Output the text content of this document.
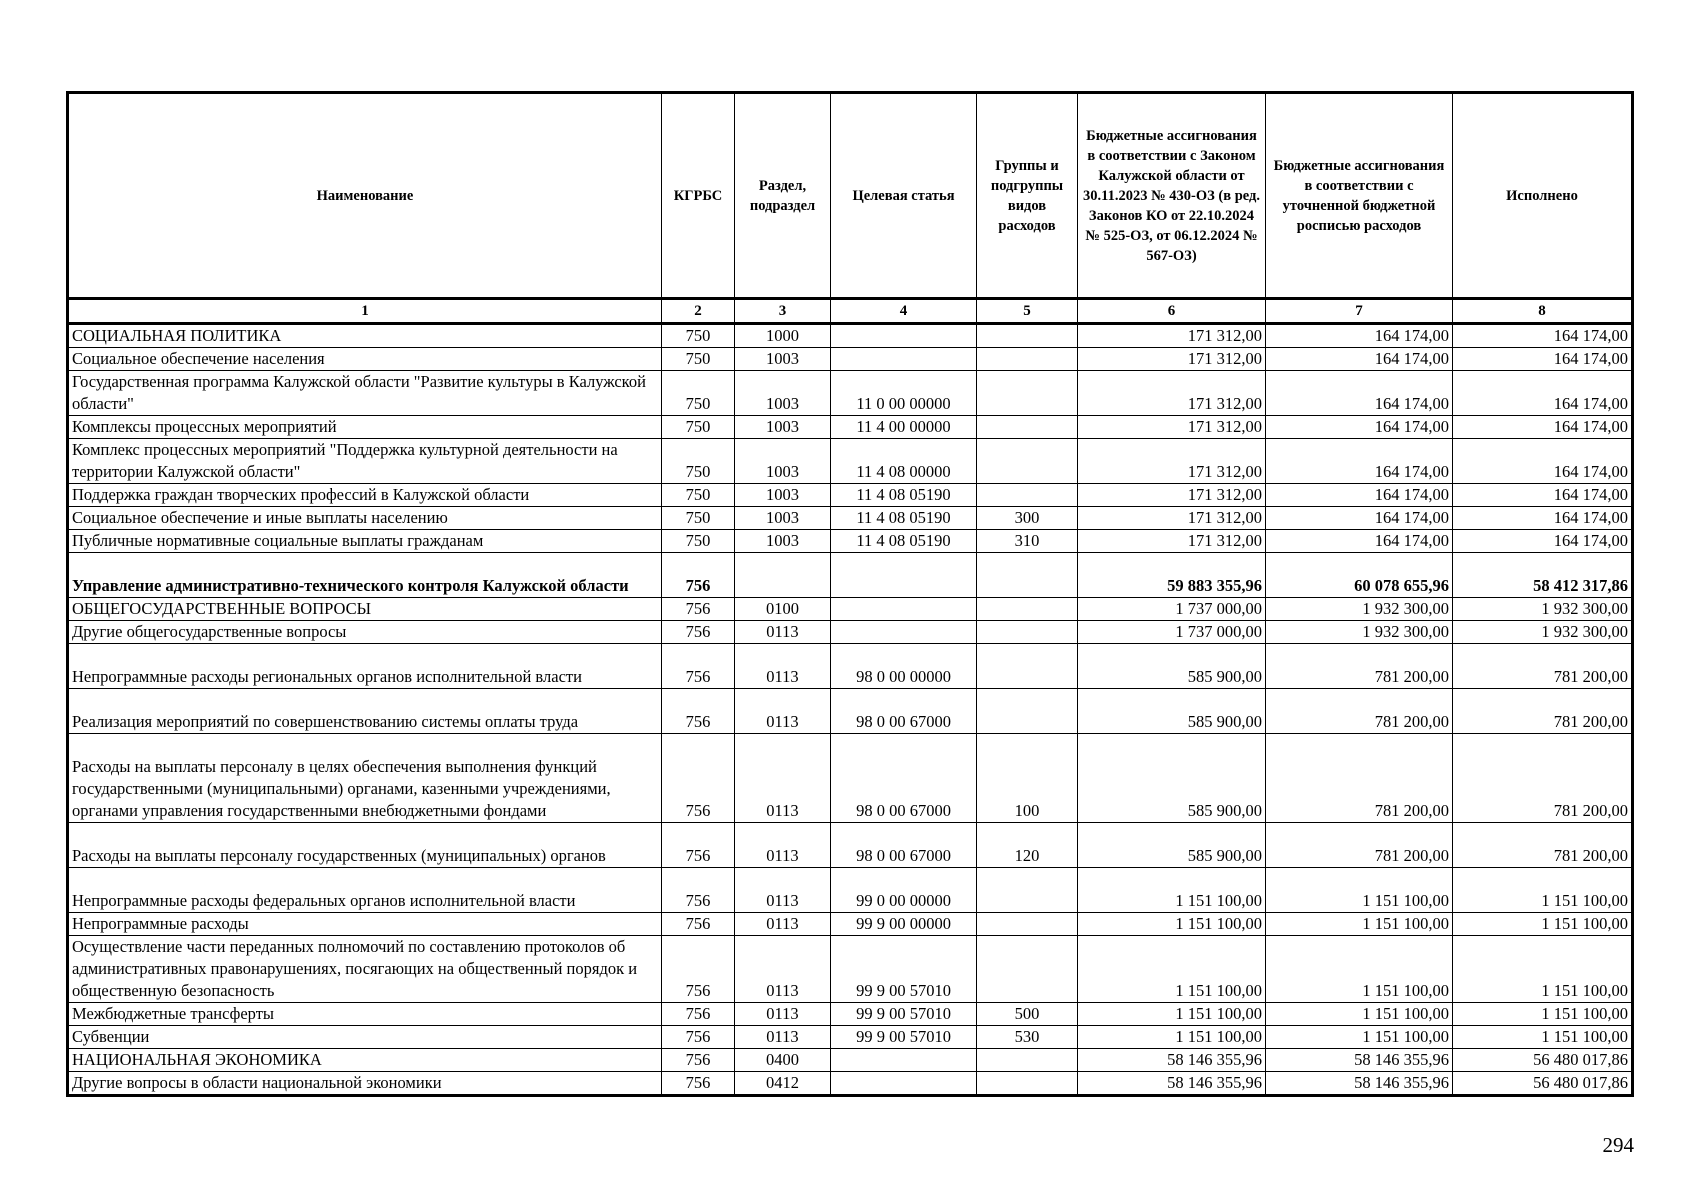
Наименование	КГРБС	Раздел, подраздел	Целевая статья	Группы и подгруппы видов расходов	Бюджетные ассигнования в соответствии с Законом Калужской области от 30.11.2023 № 430-ОЗ (в ред. Законов КО от 22.10.2024 № 525-ОЗ, от 06.12.2024 № 567-ОЗ)	Бюджетные ассигнования в соответствии с уточненной бюджетной росписью расходов	Исполнено
1	2	3	4	5	6	7	8
СОЦИАЛЬНАЯ ПОЛИТИКА	750	1000			171 312,00	164 174,00	164 174,00
Социальное обеспечение населения	750	1003			171 312,00	164 174,00	164 174,00
Государственная программа Калужской области "Развитие культуры в Калужской области"	750	1003	11 0 00 00000		171 312,00	164 174,00	164 174,00
Комплексы процессных мероприятий	750	1003	11 4 00 00000		171 312,00	164 174,00	164 174,00
Комплекс процессных мероприятий "Поддержка культурной деятельности на территории Калужской области"	750	1003	11 4 08 00000		171 312,00	164 174,00	164 174,00
Поддержка граждан творческих профессий в Калужской области	750	1003	11 4 08 05190		171 312,00	164 174,00	164 174,00
Социальное обеспечение и иные выплаты населению	750	1003	11 4 08 05190	300	171 312,00	164 174,00	164 174,00
Публичные нормативные социальные выплаты гражданам	750	1003	11 4 08 05190	310	171 312,00	164 174,00	164 174,00
Управление административно-технического контроля Калужской области	756				59 883 355,96	60 078 655,96	58 412 317,86
ОБЩЕГОСУДАРСТВЕННЫЕ ВОПРОСЫ	756	0100			1 737 000,00	1 932 300,00	1 932 300,00
Другие общегосударственные вопросы	756	0113			1 737 000,00	1 932 300,00	1 932 300,00
Непрограммные расходы региональных органов исполнительной власти	756	0113	98 0 00 00000		585 900,00	781 200,00	781 200,00
Реализация мероприятий по совершенствованию системы оплаты труда	756	0113	98 0 00 67000		585 900,00	781 200,00	781 200,00
Расходы на выплаты персоналу в целях обеспечения выполнения функций государственными (муниципальными) органами, казенными учреждениями, органами управления государственными внебюджетными фондами	756	0113	98 0 00 67000	100	585 900,00	781 200,00	781 200,00
Расходы на выплаты персоналу государственных (муниципальных) органов	756	0113	98 0 00 67000	120	585 900,00	781 200,00	781 200,00
Непрограммные расходы федеральных органов исполнительной власти	756	0113	99 0 00 00000		1 151 100,00	1 151 100,00	1 151 100,00
Непрограммные расходы	756	0113	99 9 00 00000		1 151 100,00	1 151 100,00	1 151 100,00
Осуществление части переданных полномочий по составлению протоколов об административных правонарушениях, посягающих на общественный порядок и общественную безопасность	756	0113	99 9 00 57010		1 151 100,00	1 151 100,00	1 151 100,00
Межбюджетные трансферты	756	0113	99 9 00 57010	500	1 151 100,00	1 151 100,00	1 151 100,00
Субвенции	756	0113	99 9 00 57010	530	1 151 100,00	1 151 100,00	1 151 100,00
НАЦИОНАЛЬНАЯ ЭКОНОМИКА	756	0400			58 146 355,96	58 146 355,96	56 480 017,86
Другие вопросы в области национальной экономики	756	0412			58 146 355,96	58 146 355,96	56 480 017,86
294
